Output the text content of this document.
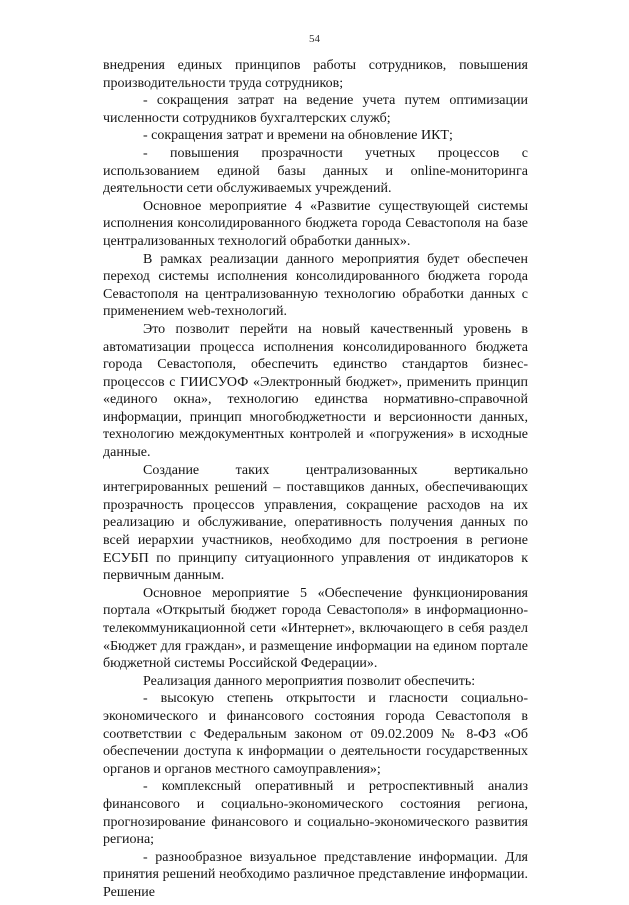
54

внедрения единых принципов работы сотрудников, повышения производительности труда сотрудников;

- сокращения затрат на ведение учета путем оптимизации численности сотрудников бухгалтерских служб;

- сокращения затрат и времени на обновление ИКТ;

- повышения прозрачности учетных процессов с использованием единой базы данных и online-мониторинга деятельности сети обслуживаемых учреждений.

Основное мероприятие 4 «Развитие существующей системы исполнения консолидированного бюджета города Севастополя на базе централизованных технологий обработки данных».

В рамках реализации данного мероприятия будет обеспечен переход системы исполнения консолидированного бюджета города Севастополя на централизованную технологию обработки данных с применением web-технологий.

Это позволит перейти на новый качественный уровень в автоматизации процесса исполнения консолидированного бюджета города Севастополя, обеспечить единство стандартов бизнес-процессов с ГИИСУОФ «Электронный бюджет», применить принцип «единого окна», технологию единства нормативно-справочной информации, принцип многобюджетности и версионности данных, технологию междокументных контролей и «погружения» в исходные данные.

Создание таких централизованных вертикально интегрированных решений – поставщиков данных, обеспечивающих прозрачность процессов управления, сокращение расходов на их реализацию и обслуживание, оперативность получения данных по всей иерархии участников, необходимо для построения в регионе ЕСУБП по принципу ситуационного управления от индикаторов к первичным данным.

Основное мероприятие 5 «Обеспечение функционирования портала «Открытый бюджет города Севастополя» в информационно-телекоммуникационной сети «Интернет», включающего в себя раздел «Бюджет для граждан», и размещение информации на едином портале бюджетной системы Российской Федерации».

Реализация данного мероприятия позволит обеспечить:

- высокую степень открытости и гласности социально-экономического и финансового состояния города Севастополя в соответствии с Федеральным законом от 09.02.2009 № 8-ФЗ «Об обеспечении доступа к информации о деятельности государственных органов и органов местного самоуправления»;

- комплексный оперативный и ретроспективный анализ финансового и социально-экономического состояния региона, прогнозирование финансового и социально-экономического развития региона;

- разнообразное визуальное представление информации. Для принятия решений необходимо различное представление информации. Решение
